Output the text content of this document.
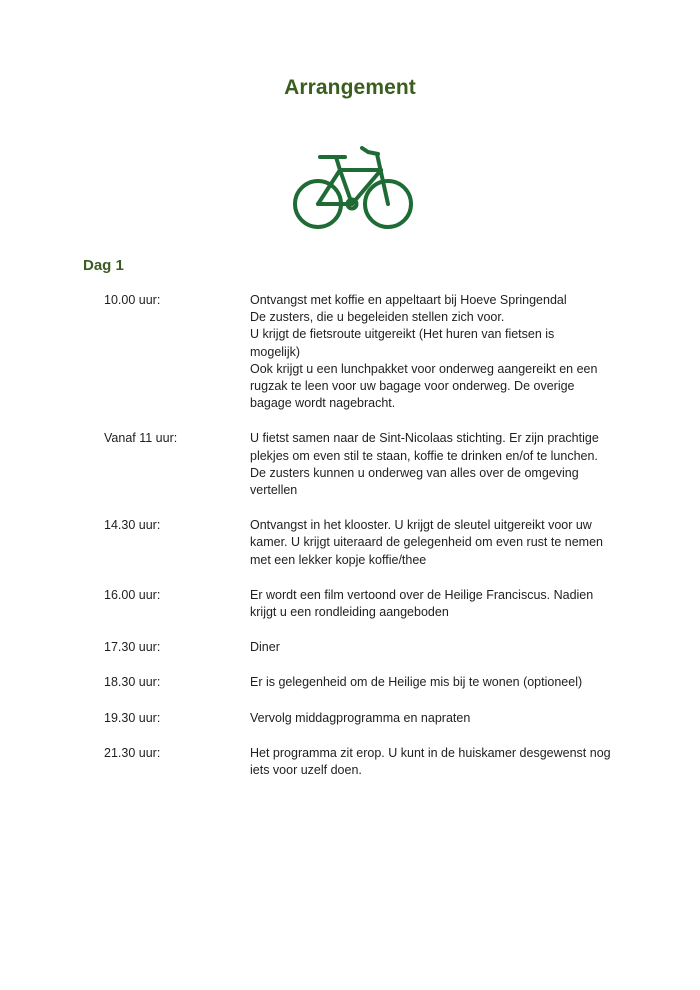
Arrangement
Dag 1
10.00 uur:	Ontvangst met koffie en appeltaart bij Hoeve Springendal
De zusters, die u begeleiden stellen zich voor.
U krijgt de fietsroute uitgereikt (Het huren van fietsen is
mogelijk)
Ook krijgt u een lunchpakket voor onderweg aangereikt en een
rugzak te leen voor uw bagage voor onderweg. De overige
bagage wordt nagebracht.
Vanaf 11 uur:	U fietst samen naar de Sint-Nicolaas stichting. Er zijn prachtige
plekjes om even stil te staan, koffie te drinken en/of te lunchen.
De zusters kunnen u onderweg van alles over de omgeving
vertellen
14.30 uur:	Ontvangst in het klooster. U krijgt de sleutel uitgereikt voor uw
kamer. U krijgt uiteraard de gelegenheid om even rust te nemen
met een lekker kopje koffie/thee
16.00 uur:	Er wordt een film vertoond over de Heilige Franciscus. Nadien
krijgt u een rondleiding aangeboden
17.30 uur:	Diner
18.30 uur:	Er is gelegenheid om de Heilige mis bij te wonen (optioneel)
19.30 uur:	Vervolg middagprogramma en napraten
21.30 uur:	Het programma zit erop. U kunt in de huiskamer desgewenst nog
iets voor uzelf doen.
